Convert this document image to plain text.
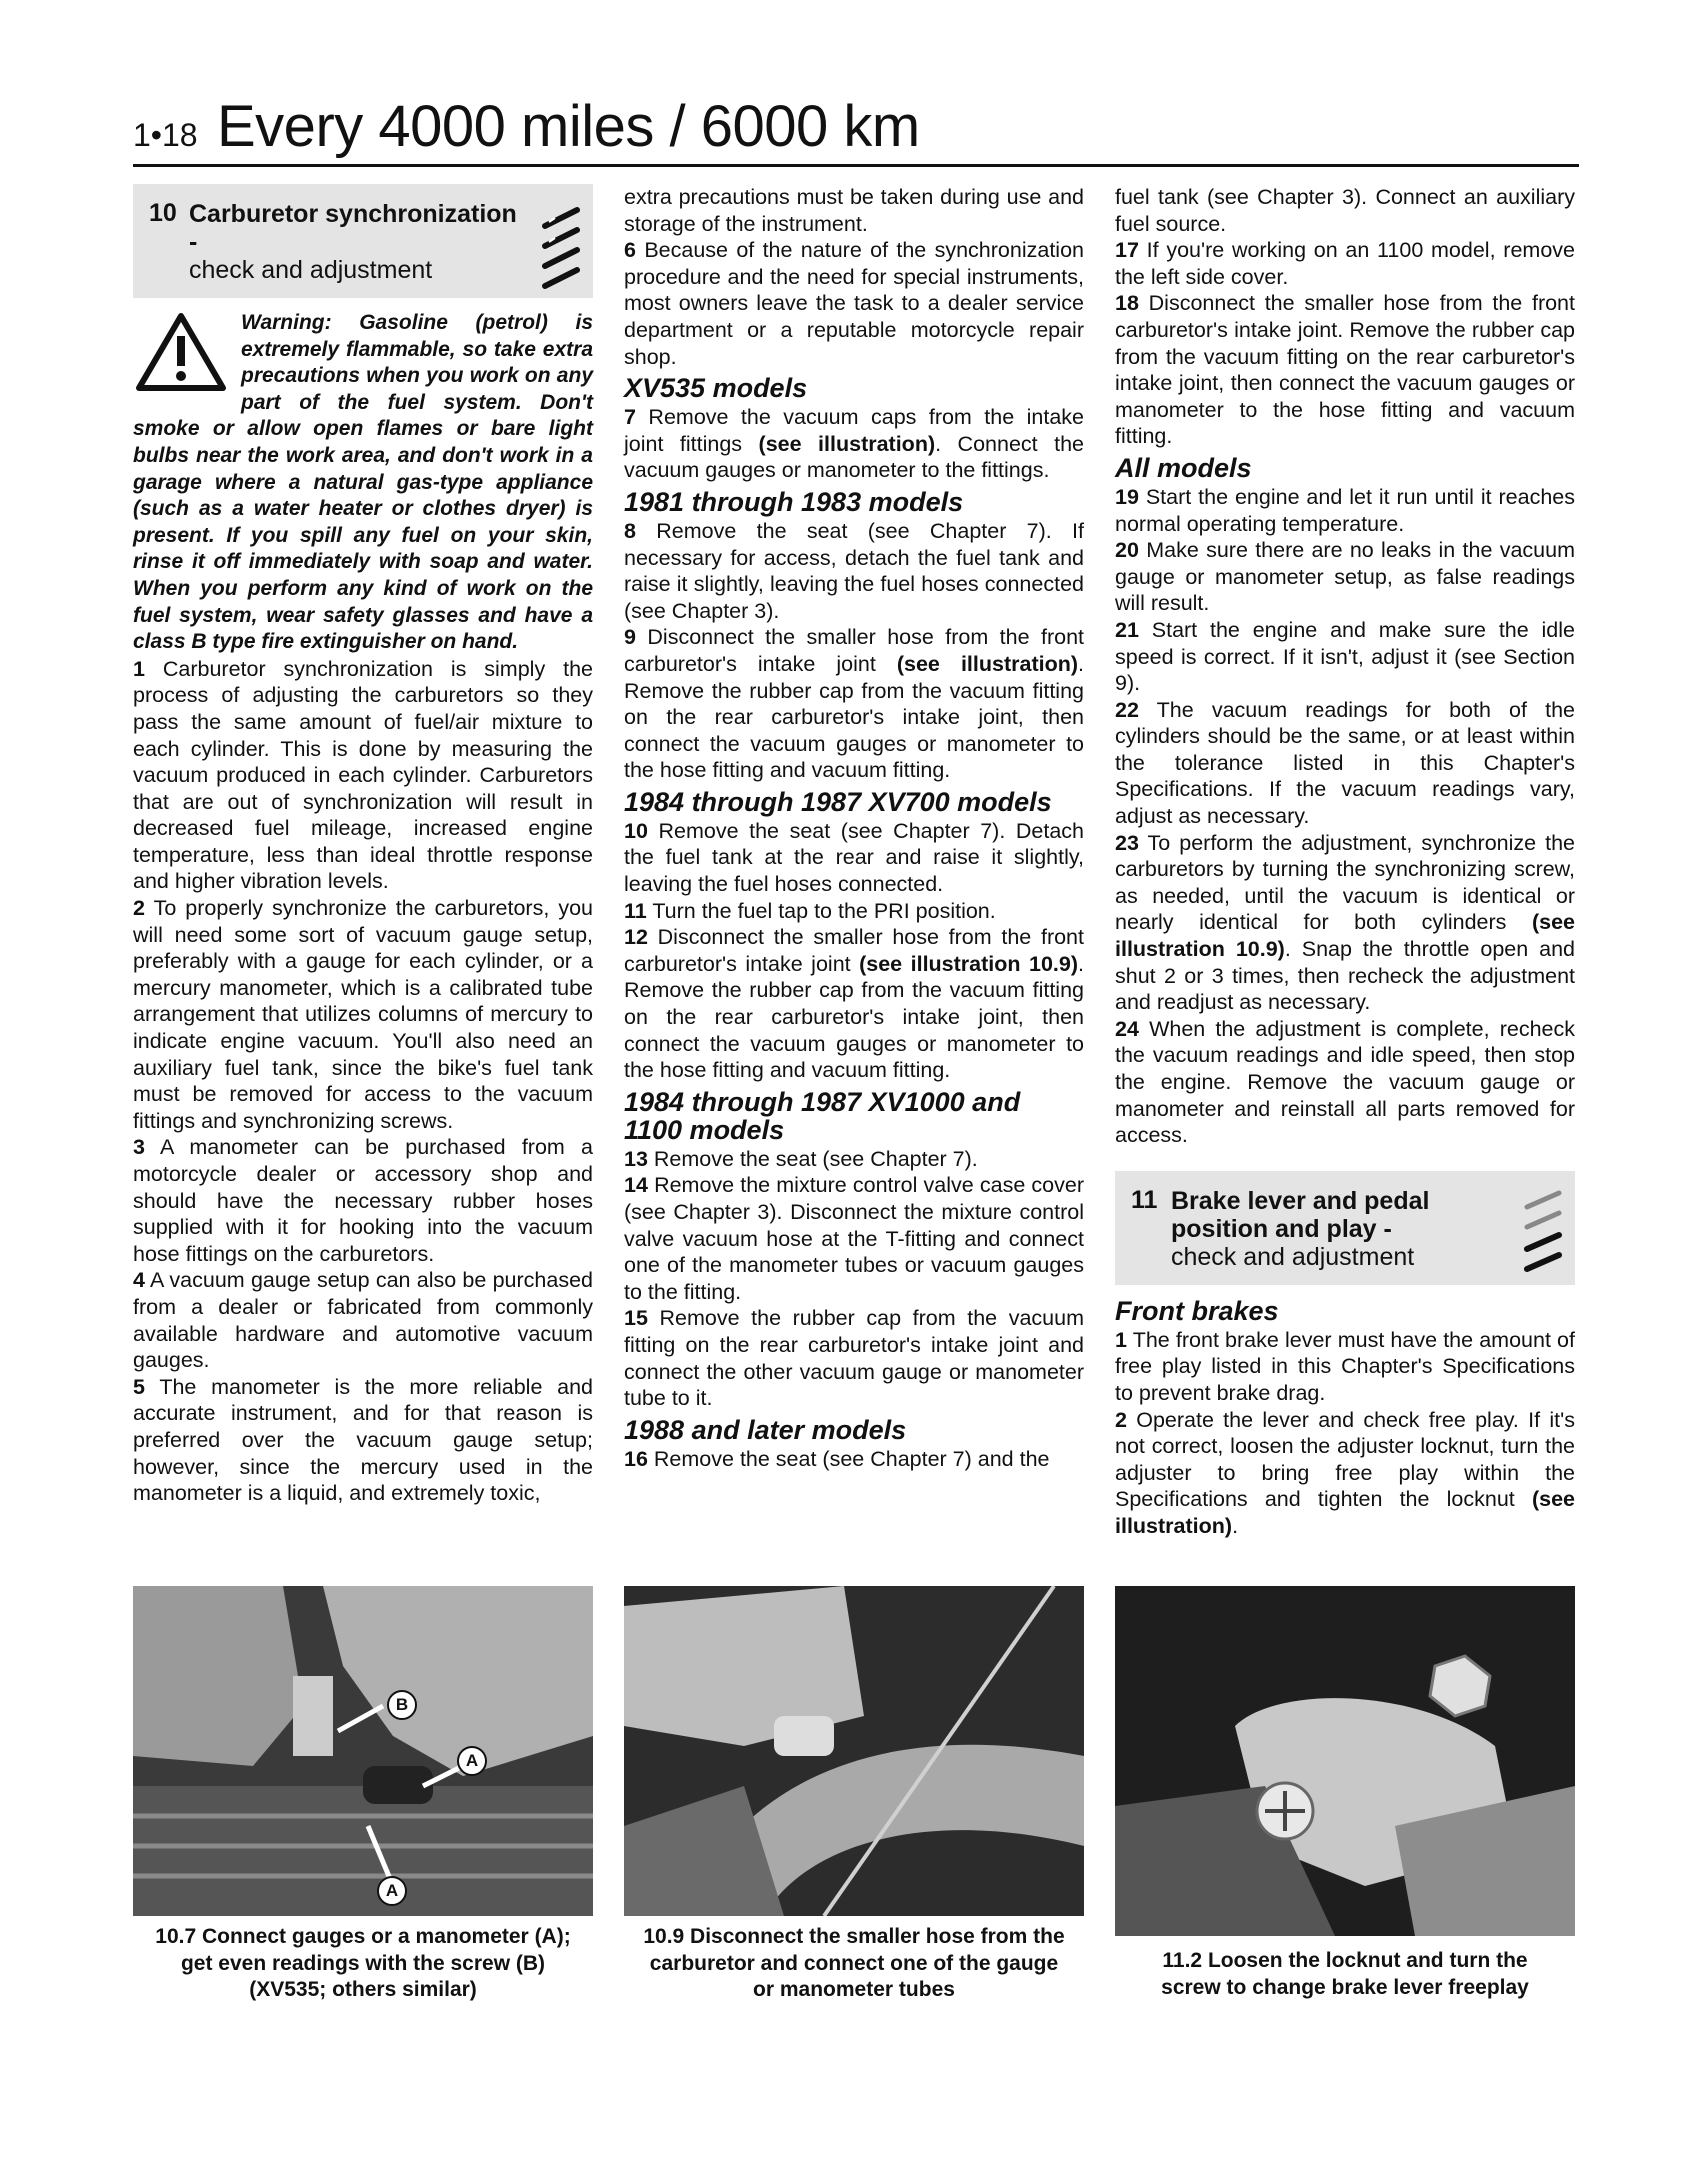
1•18 Every 4000 miles / 6000 km
10 Carburetor synchronization -
check and adjustment
Warning: Gasoline (petrol) is extremely flammable, so take extra precautions when you work on any part of the fuel system. Don't smoke or allow open flames or bare light bulbs near the work area, and don't work in a garage where a natural gas-type appliance (such as a water heater or clothes dryer) is present. If you spill any fuel on your skin, rinse it off immediately with soap and water. When you perform any kind of work on the fuel system, wear safety glasses and have a class B type fire extinguisher on hand.

1 Carburetor synchronization is simply the process of adjusting the carburetors so they pass the same amount of fuel/air mixture to each cylinder. This is done by measuring the vacuum produced in each cylinder. Carburetors that are out of synchronization will result in decreased fuel mileage, increased engine temperature, less than ideal throttle response and higher vibration levels.

2 To properly synchronize the carburetors, you will need some sort of vacuum gauge setup, preferably with a gauge for each cylinder, or a mercury manometer, which is a calibrated tube arrangement that utilizes columns of mercury to indicate engine vacuum. You'll also need an auxiliary fuel tank, since the bike's fuel tank must be removed for access to the vacuum fittings and synchronizing screws.

3 A manometer can be purchased from a motorcycle dealer or accessory shop and should have the necessary rubber hoses supplied with it for hooking into the vacuum hose fittings on the carburetors.

4 A vacuum gauge setup can also be purchased from a dealer or fabricated from commonly available hardware and automotive vacuum gauges.

5 The manometer is the more reliable and accurate instrument, and for that reason is preferred over the vacuum gauge setup; however, since the mercury used in the manometer is a liquid, and extremely toxic,

extra precautions must be taken during use and storage of the instrument.

6 Because of the nature of the synchronization procedure and the need for special instruments, most owners leave the task to a dealer service department or a reputable motorcycle repair shop.

XV535 models

7 Remove the vacuum caps from the intake joint fittings (see illustration). Connect the vacuum gauges or manometer to the fittings.

1981 through 1983 models

8 Remove the seat (see Chapter 7). If necessary for access, detach the fuel tank and raise it slightly, leaving the fuel hoses connected (see Chapter 3).

9 Disconnect the smaller hose from the front carburetor's intake joint (see illustration). Remove the rubber cap from the vacuum fitting on the rear carburetor's intake joint, then connect the vacuum gauges or manometer to the hose fitting and vacuum fitting.

1984 through 1987 XV700 models

10 Remove the seat (see Chapter 7). Detach the fuel tank at the rear and raise it slightly, leaving the fuel hoses connected.

11 Turn the fuel tap to the PRI position.

12 Disconnect the smaller hose from the front carburetor's intake joint (see illustration 10.9). Remove the rubber cap from the vacuum fitting on the rear carburetor's intake joint, then connect the vacuum gauges or manometer to the hose fitting and vacuum fitting.

1984 through 1987 XV1000 and 1100 models

13 Remove the seat (see Chapter 7).

14 Remove the mixture control valve case cover (see Chapter 3). Disconnect the mixture control valve vacuum hose at the T-fitting and connect one of the manometer tubes or vacuum gauges to the fitting.

15 Remove the rubber cap from the vacuum fitting on the rear carburetor's intake joint and connect the other vacuum gauge or manometer tube to it.

1988 and later models

16 Remove the seat (see Chapter 7) and the

fuel tank (see Chapter 3). Connect an auxiliary fuel source.

17 If you're working on an 1100 model, remove the left side cover.

18 Disconnect the smaller hose from the front carburetor's intake joint. Remove the rubber cap from the vacuum fitting on the rear carburetor's intake joint, then connect the vacuum gauges or manometer to the hose fitting and vacuum fitting.

All models

19 Start the engine and let it run until it reaches normal operating temperature.

20 Make sure there are no leaks in the vacuum gauge or manometer setup, as false readings will result.

21 Start the engine and make sure the idle speed is correct. If it isn't, adjust it (see Section 9).

22 The vacuum readings for both of the cylinders should be the same, or at least within the tolerance listed in this Chapter's Specifications. If the vacuum readings vary, adjust as necessary.

23 To perform the adjustment, synchronize the carburetors by turning the synchronizing screw, as needed, until the vacuum is identical or nearly identical for both cylinders (see illustration 10.9). Snap the throttle open and shut 2 or 3 times, then recheck the adjustment and readjust as necessary.

24 When the adjustment is complete, recheck the vacuum readings and idle speed, then stop the engine. Remove the vacuum gauge or manometer and reinstall all parts removed for access.

11 Brake lever and pedal
position and play -
check and adjustment
Front brakes

1 The front brake lever must have the amount of free play listed in this Chapter's Specifications to prevent brake drag.

2 Operate the lever and check free play. If it's not correct, loosen the adjuster locknut, turn the adjuster to bring free play within the Specifications and tighten the locknut (see illustration).

A
B
A
10.7 Connect gauges or a manometer (A);
get even readings with the screw (B)
(XV535; others similar)
10.9 Disconnect the smaller hose from the
carburetor and connect one of the gauge
or manometer tubes
11.2 Loosen the locknut and turn the
screw to change brake lever freeplay
